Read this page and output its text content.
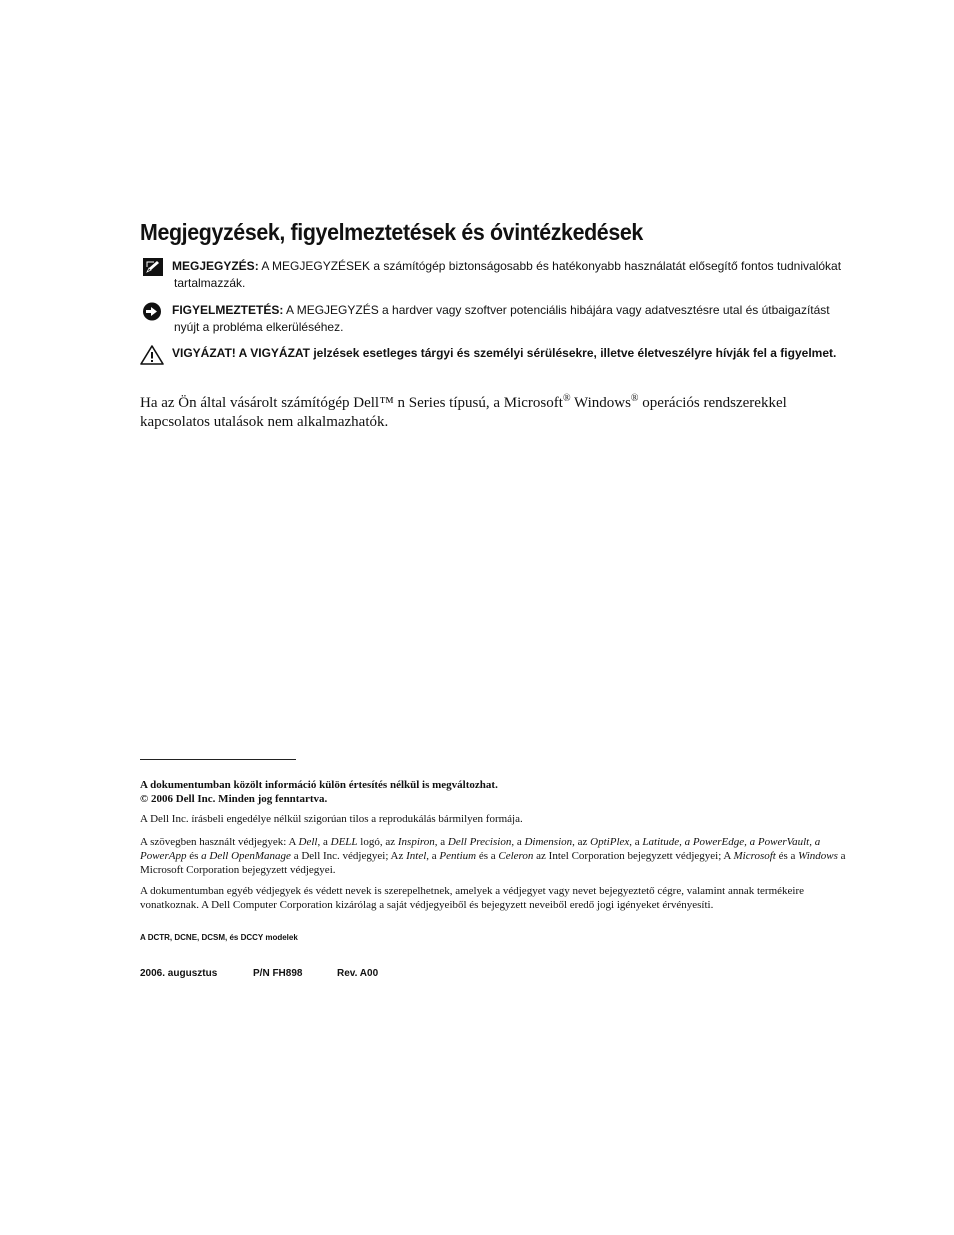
Megjegyzések, figyelmeztetések és óvintézkedések
MEGJEGYZÉS: A MEGJEGYZÉSEK a számítógép biztonságosabb és hatékonyabb használatát elősegítő fontos tudnivalókat
tartalmazzák.
FIGYELMEZTETÉS: A MEGJEGYZÉS a hardver vagy szoftver potenciális hibájára vagy adatvesztésre utal és útbaigazítást
nyújt a probléma elkerüléséhez.
VIGYÁZAT! A VIGYÁZAT jelzések esetleges tárgyi és személyi sérülésekre, illetve életveszélyre hívják fel a figyelmet.

Ha az Ön által vásárolt számítógép Dell™ n Series típusú, a Microsoft® Windows® operációs rendszerekkel kapcsolatos utalások nem alkalmazhatók.

A dokumentumban közölt információ külön értesítés nélkül is megváltozhat.
© 2006 Dell Inc. Minden jog fenntartva.

A Dell Inc. írásbeli engedélye nélkül szigorúan tilos a reprodukálás bármilyen formája.

A szövegben használt védjegyek: A Dell, a DELL logó, az Inspiron, a Dell Precision, a Dimension, az OptiPlex, a Latitude, a PowerEdge, a PowerVault, a PowerApp és a Dell OpenManage a Dell Inc. védjegyei; Az Intel, a Pentium és a Celeron az Intel Corporation bejegyzett védjegyei; A Microsoft és a Windows a Microsoft Corporation bejegyzett védjegyei.

A dokumentumban egyéb védjegyek és védett nevek is szerepelhetnek, amelyek a védjegyet vagy nevet bejegyeztető cégre, valamint annak termékeire vonatkoznak. A Dell Computer Corporation kizárólag a saját védjegyeiből és bejegyzett neveiből eredő jogi igényeket érvényesíti.

A DCTR, DCNE, DCSM, és DCCY modelek

2006. augusztus	P/N FH898	Rev. A00
